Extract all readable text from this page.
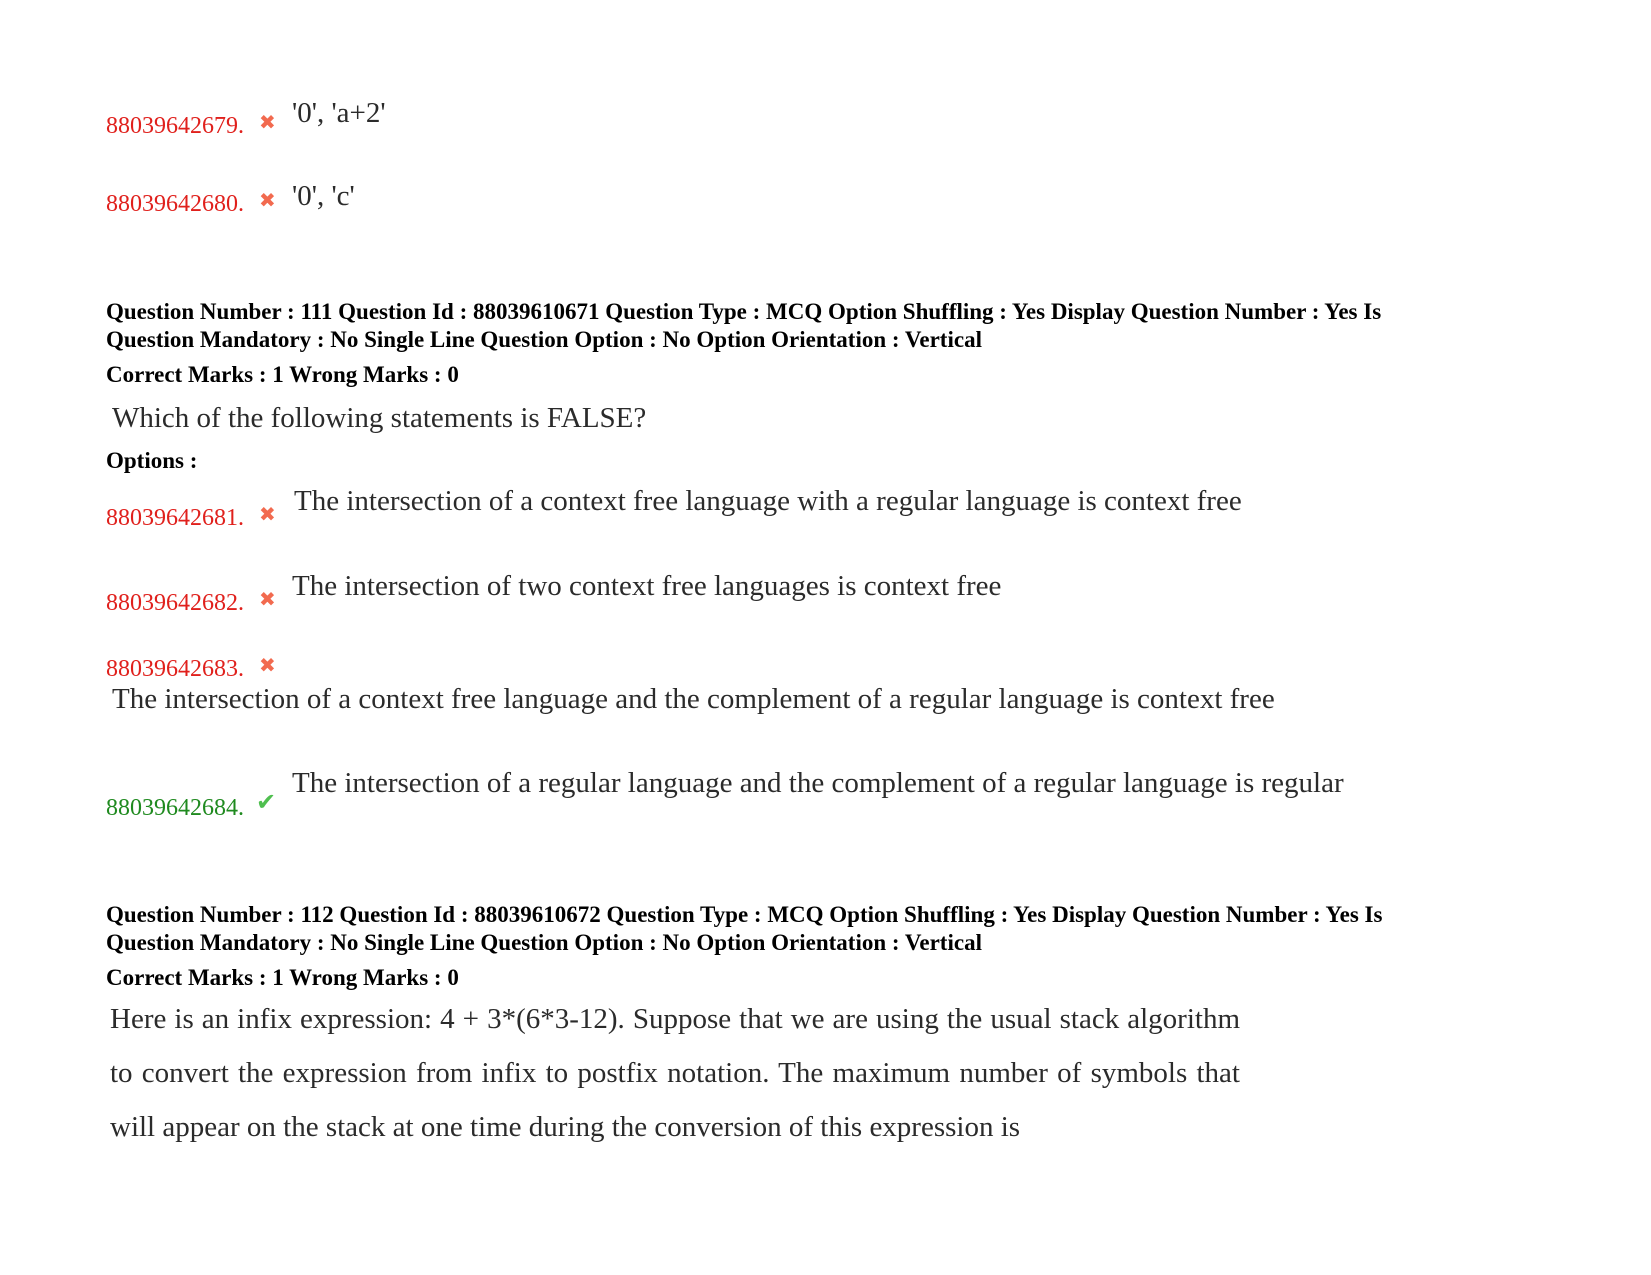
88039642679. ✖ '0', 'a+2'
88039642680. ✖ '0', 'c'
Question Number : 111 Question Id : 88039610671 Question Type : MCQ Option Shuffling : Yes Display Question Number : Yes Is
Question Mandatory : No Single Line Question Option : No Option Orientation : Vertical
Correct Marks : 1 Wrong Marks : 0
Which of the following statements is FALSE?
Options :
88039642681. ✖ The intersection of a context free language with a regular language is context free
88039642682. ✖ The intersection of two context free languages is context free
88039642683. ✖
The intersection of a context free language and the complement of a regular language is context free
88039642684. ✔
The intersection of a regular language and the complement of a regular language is regular
Question Number : 112 Question Id : 88039610672 Question Type : MCQ Option Shuffling : Yes Display Question Number : Yes Is
Question Mandatory : No Single Line Question Option : No Option Orientation : Vertical
Correct Marks : 1 Wrong Marks : 0
Here is an infix expression: 4 + 3*(6*3-12). Suppose that we are using the usual stack algorithm to convert the expression from infix to postfix notation. The maximum number of symbols that will appear on the stack at one time during the conversion of this expression is
